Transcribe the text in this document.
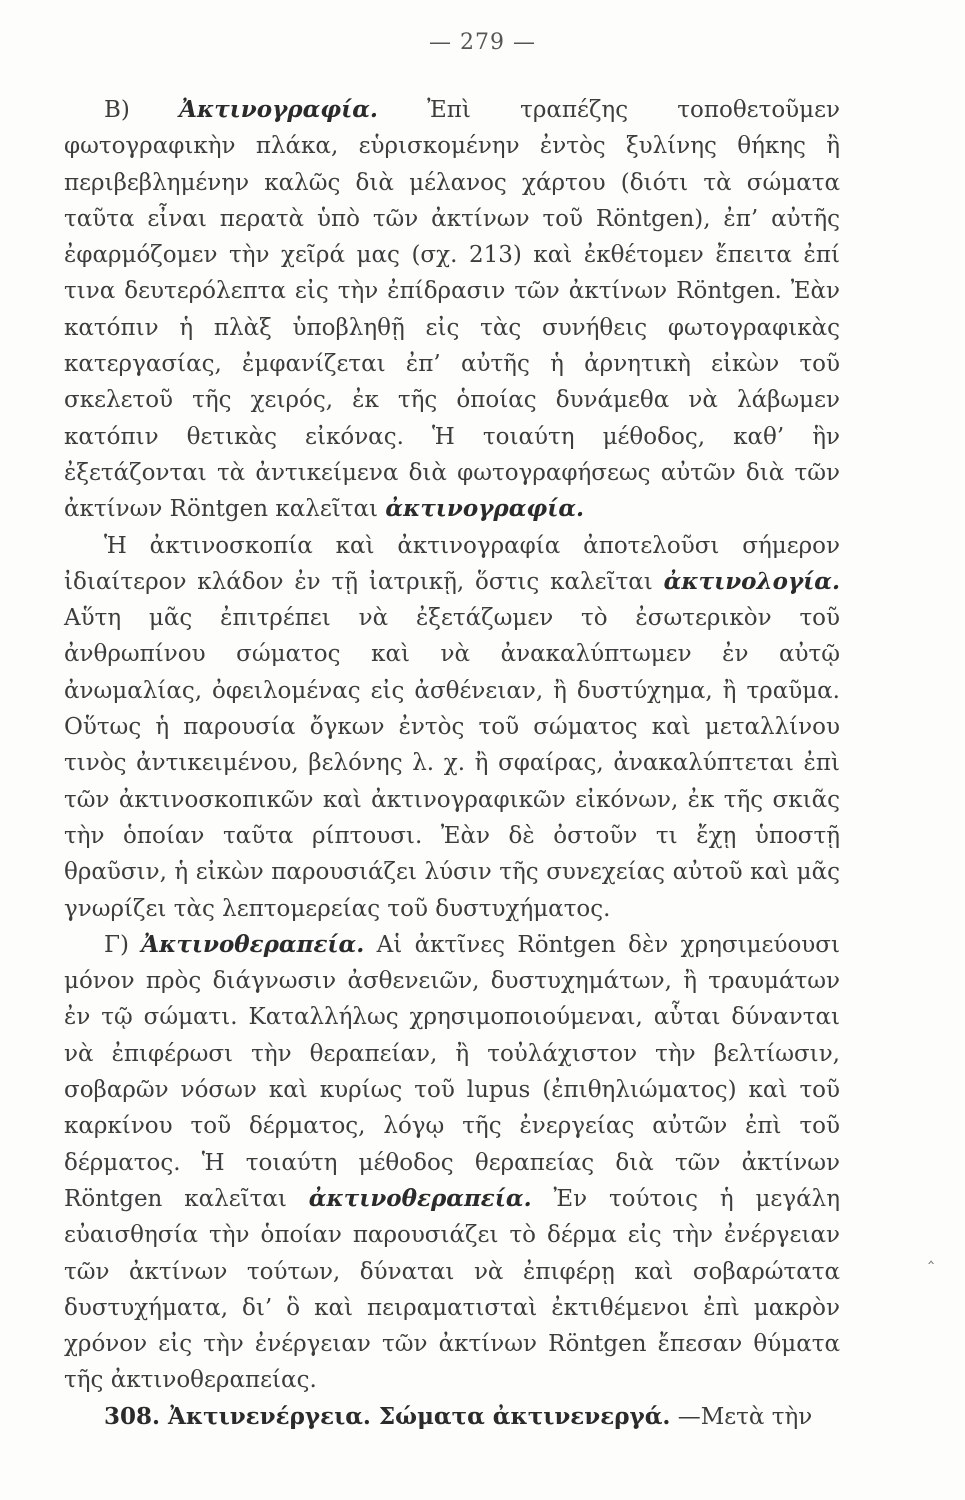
— 279 —

Β) Ἀκτινογραφία. Ἐπὶ τραπέζης τοποθετοῦμεν φωτογραφικὴν πλάκα, εὑρισκομένην ἐντὸς ξυλίνης θήκης ἢ περιβεβλημένην καλῶς διὰ μέλανος χάρτου (διότι τὰ σώματα ταῦτα εἶναι περατὰ ὑπὸ τῶν ἀκτίνων τοῦ Röntgen), ἐπ’ αὐτῆς ἐφαρμόζομεν τὴν χεῖρά μας (σχ. 213) καὶ ἐκθέτομεν ἔπειτα ἐπί τινα δευτερόλεπτα εἰς τὴν ἐπίδρασιν τῶν ἀκτίνων Röntgen. Ἐὰν κατόπιν ἡ πλὰξ ὑποβληθῇ εἰς τὰς συνήθεις φωτογραφικὰς κατεργασίας, ἐμφανίζεται ἐπ’ αὐτῆς ἡ ἀρνητικὴ εἰκὼν τοῦ σκελετοῦ τῆς χειρός, ἐκ τῆς ὁποίας δυνάμεθα νὰ λάβωμεν κατόπιν θετικὰς εἰκόνας. Ἡ τοιαύτη μέθοδος, καθ’ ἣν ἐξετάζονται τὰ ἀντικείμενα διὰ φωτογραφήσεως αὐτῶν διὰ τῶν ἀκτίνων Röntgen καλεῖται ἀκτινογραφία.

Ἡ ἀκτινοσκοπία καὶ ἀκτινογραφία ἀποτελοῦσι σήμερον ἰδιαίτερον κλάδον ἐν τῇ ἰατρικῇ, ὅστις καλεῖται ἀκτινολογία. Αὕτη μᾶς ἐπιτρέπει νὰ ἐξετάζωμεν τὸ ἐσωτερικὸν τοῦ ἀνθρωπίνου σώματος καὶ νὰ ἀνακαλύπτωμεν ἐν αὐτῷ ἀνωμαλίας, ὀφειλομένας εἰς ἀσθένειαν, ἢ δυστύχημα, ἢ τραῦμα. Οὕτως ἡ παρουσία ὄγκων ἐντὸς τοῦ σώματος καὶ μεταλλίνου τινὸς ἀντικειμένου, βελόνης λ. χ. ἢ σφαίρας, ἀνακαλύπτεται ἐπὶ τῶν ἀκτινοσκοπικῶν καὶ ἀκτινογραφικῶν εἰκόνων, ἐκ τῆς σκιᾶς τὴν ὁποίαν ταῦτα ρίπτουσι. Ἐὰν δὲ ὀστοῦν τι ἔχῃ ὑποστῇ θραῦσιν, ἡ εἰκὼν παρουσιάζει λύσιν τῆς συνεχείας αὐτοῦ καὶ μᾶς γνωρίζει τὰς λεπτομερείας τοῦ δυστυχήματος.

Γ) Ἀκτινοθεραπεία. Αἱ ἀκτῖνες Röntgen δὲν χρησιμεύουσι μόνον πρὸς διάγνωσιν ἀσθενειῶν, δυστυχημάτων, ἢ τραυμάτων ἐν τῷ σώματι. Καταλλήλως χρησιμοποιούμεναι, αὗται δύνανται νὰ ἐπιφέρωσι τὴν θεραπείαν, ἢ τοὐλάχιστον τὴν βελτίωσιν, σοβαρῶν νόσων καὶ κυρίως τοῦ lupus (ἐπιθηλιώματος) καὶ τοῦ καρκίνου τοῦ δέρματος, λόγῳ τῆς ἐνεργείας αὐτῶν ἐπὶ τοῦ δέρματος. Ἡ τοιαύτη μέθοδος θεραπείας διὰ τῶν ἀκτίνων Röntgen καλεῖται ἀκτινοθεραπεία. Ἐν τούτοις ἡ μεγάλη εὐαισθησία τὴν ὁποίαν παρουσιάζει τὸ δέρμα εἰς τὴν ἐνέργειαν τῶν ἀκτίνων τούτων, δύναται νὰ ἐπιφέρῃ καὶ σοβαρώτατα δυστυχήματα, δι’ ὃ καὶ πειραματισταὶ ἐκτιθέμενοι ἐπὶ μακρὸν χρόνον εἰς τὴν ἐνέργειαν τῶν ἀκτίνων Röntgen ἔπεσαν θύματα τῆς ἀκτινοθεραπείας.

308. Ἀκτινενέργεια. Σώματα ἀκτινενεργά. —Μετὰ τὴν

‸
